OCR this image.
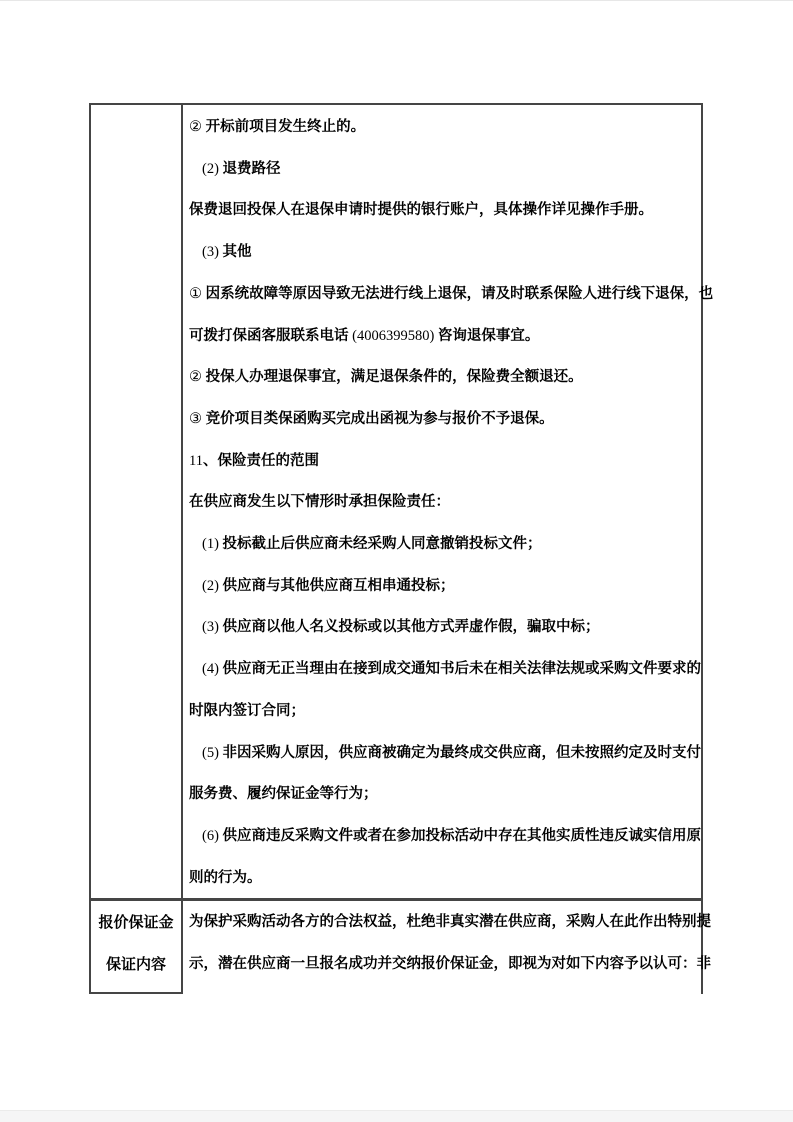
② 开标前项目发生终止的。
(2) 退费路径
保费退回投保人在退保申请时提供的银行账户，具体操作详见操作手册。
(3) 其他
① 因系统故障等原因导致无法进行线上退保，请及时联系保险人进行线下退保，也
可拨打保函客服联系电话 (4006399580) 咨询退保事宜。
② 投保人办理退保事宜，满足退保条件的，保险费全额退还。
③ 竞价项目类保函购买完成出函视为参与报价不予退保。
11、保险责任的范围
在供应商发生以下情形时承担保险责任：
(1) 投标截止后供应商未经采购人同意撤销投标文件；
(2) 供应商与其他供应商互相串通投标；
(3) 供应商以他人名义投标或以其他方式弄虚作假，骗取中标；
(4) 供应商无正当理由在接到成交通知书后未在相关法律法规或采购文件要求的
时限内签订合同；
(5) 非因采购人原因，供应商被确定为最终成交供应商，但未按照约定及时支付
服务费、履约保证金等行为；
(6) 供应商违反采购文件或者在参加投标活动中存在其他实质性违反诚实信用原
则的行为。
报价保证金
保证内容
为保护采购活动各方的合法权益，杜绝非真实潜在供应商，采购人在此作出特别提
示，潜在供应商一旦报名成功并交纳报价保证金，即视为对如下内容予以认可：非
